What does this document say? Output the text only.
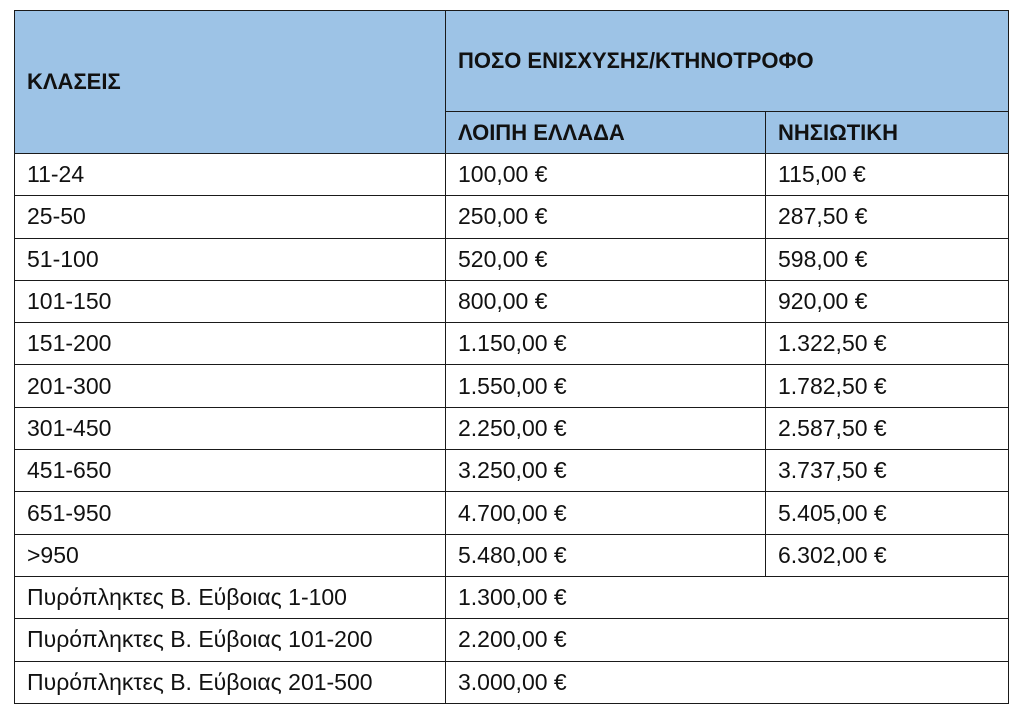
ΚΛΑΣΕΙΣ	ΠΟΣΟ ΕΝΙΣΧΥΣΗΣ/ΚΤΗΝΟΤΡΟΦΟ	
	ΛΟΙΠΗ ΕΛΛΑΔΑ	ΝΗΣΙΩΤΙΚΗ
11-24	100,00 €	115,00 €
25-50	250,00 €	287,50 €
51-100	520,00 €	598,00 €
101-150	800,00 €	920,00 €
151-200	1.150,00 €	1.322,50 €
201-300	1.550,00 €	1.782,50 €
301-450	2.250,00 €	2.587,50 €
451-650	3.250,00 €	3.737,50 €
651-950	4.700,00 €	5.405,00 €
>950	5.480,00 €	6.302,00 €
Πυρόπληκτες Β. Εύβοιας 1-100	1.300,00 €	
Πυρόπληκτες Β. Εύβοιας 101-200	2.200,00 €	
Πυρόπληκτες Β. Εύβοιας 201-500	3.000,00 €	
